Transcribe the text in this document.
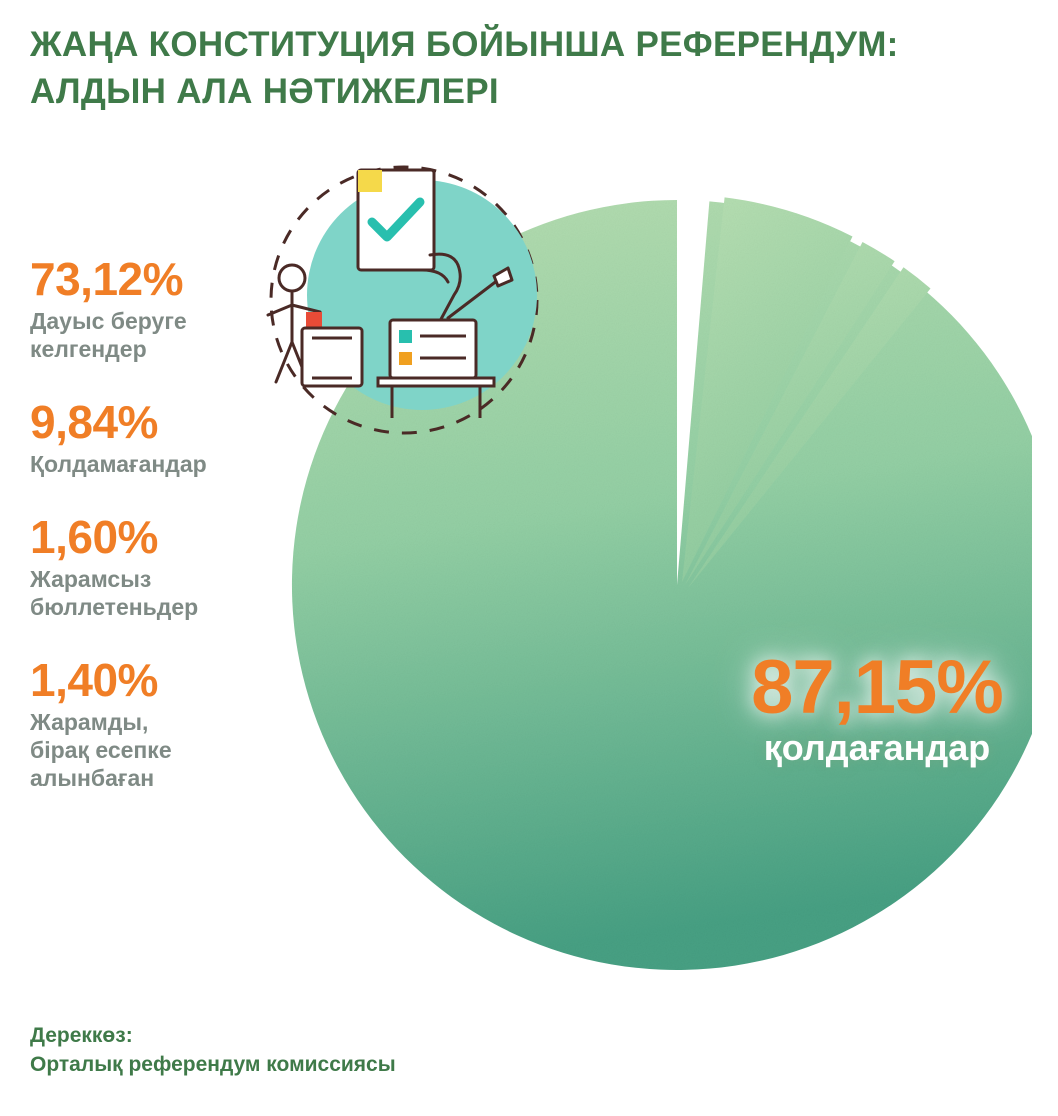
ЖАҢА КОНСТИТУЦИЯ БОЙЫНША РЕФЕРЕНДУМ:
АЛДЫН АЛА НӘТИЖЕЛЕРІ
73,12%
Дауыс беруге
келгендер
9,84%
Қолдамағандар
1,60%
Жарамсыз
бюллетеньдер
1,40%
Жарамды,
бірақ есепке алынбаған
87,15%
қолдағандар
Дереккөз:
Орталық референдум комиссиясы
